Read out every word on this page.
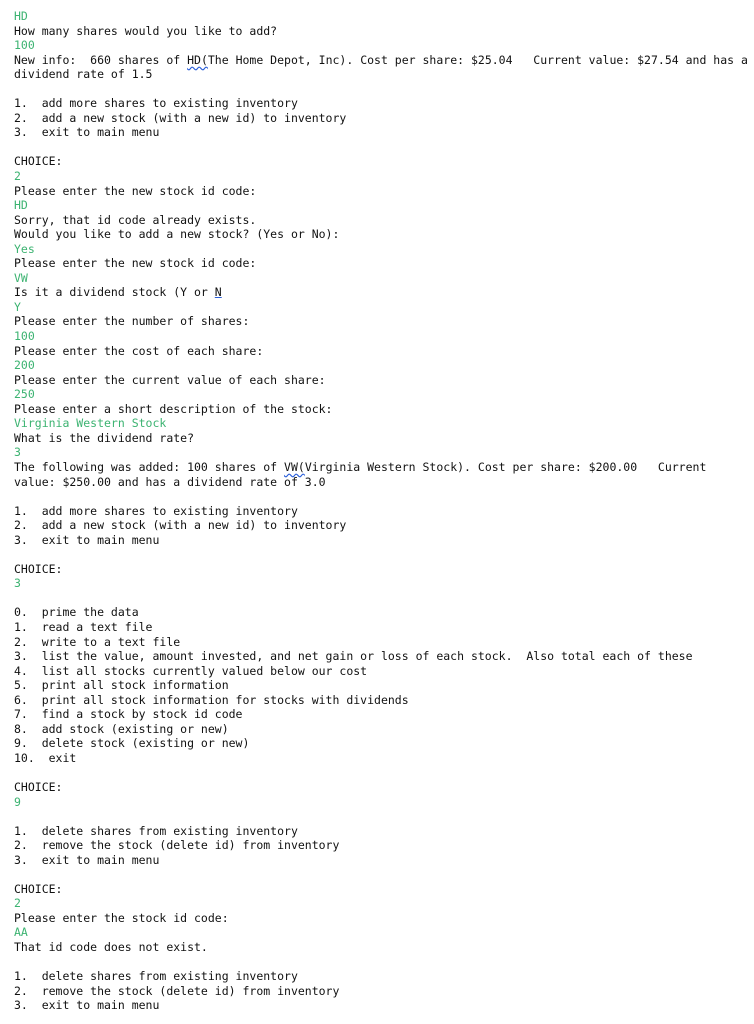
HD
How many shares would you like to add?
100
New info:  660 shares of HD(The Home Depot, Inc). Cost per share: $25.04   Current value: $27.54 and has a
dividend rate of 1.5
1.  add more shares to existing inventory
2.  add a new stock (with a new id) to inventory
3.  exit to main menu
CHOICE:
2
Please enter the new stock id code:
HD
Sorry, that id code already exists.
Would you like to add a new stock? (Yes or No):
Yes
Please enter the new stock id code:
VW
Is it a dividend stock (Y or N
Y
Please enter the number of shares:
100
Please enter the cost of each share:
200
Please enter the current value of each share:
250
Please enter a short description of the stock:
Virginia Western Stock
What is the dividend rate?
3
The following was added: 100 shares of VW(Virginia Western Stock). Cost per share: $200.00   Current
value: $250.00 and has a dividend rate of 3.0
1.  add more shares to existing inventory
2.  add a new stock (with a new id) to inventory
3.  exit to main menu
CHOICE:
3
0.  prime the data
1.  read a text file
2.  write to a text file
3.  list the value, amount invested, and net gain or loss of each stock.  Also total each of these
4.  list all stocks currently valued below our cost
5.  print all stock information
6.  print all stock information for stocks with dividends
7.  find a stock by stock id code
8.  add stock (existing or new)
9.  delete stock (existing or new)
10.  exit
CHOICE:
9
1.  delete shares from existing inventory
2.  remove the stock (delete id) from inventory
3.  exit to main menu
CHOICE:
2
Please enter the stock id code:
AA
That id code does not exist.
1.  delete shares from existing inventory
2.  remove the stock (delete id) from inventory
3.  exit to main menu
